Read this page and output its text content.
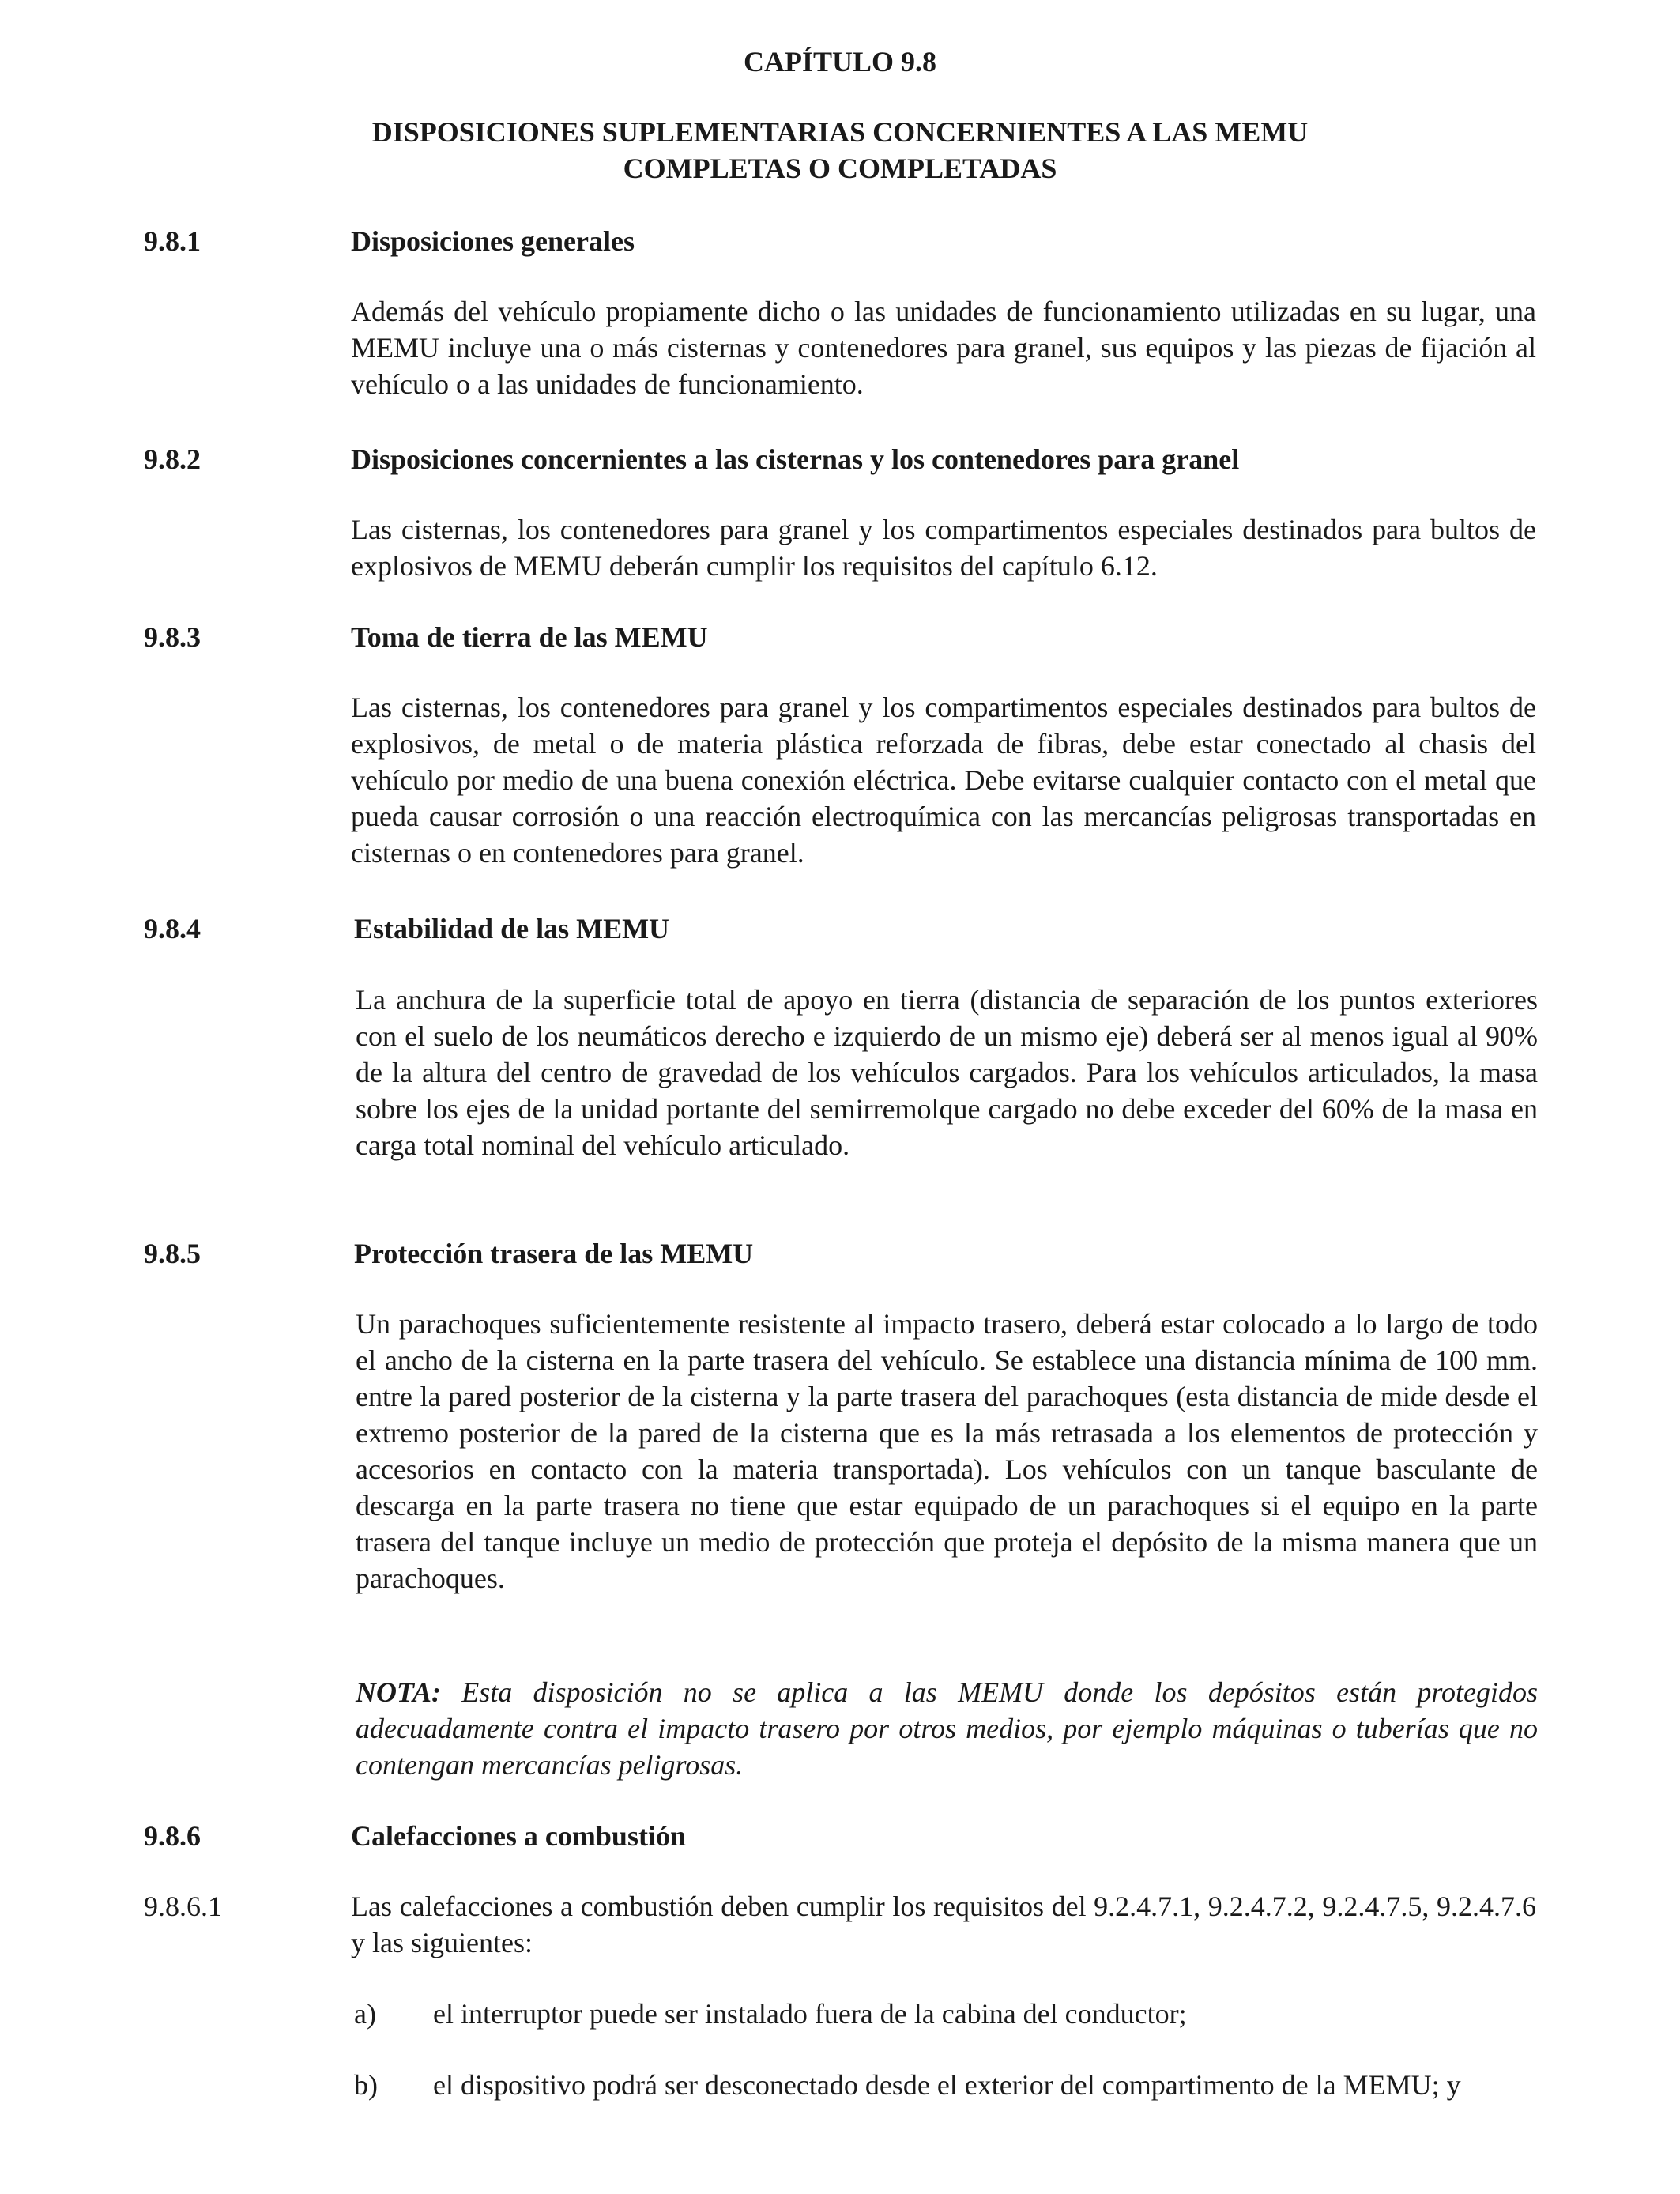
CAPÍTULO 9.8
DISPOSICIONES SUPLEMENTARIAS CONCERNIENTES A LAS MEMU
COMPLETAS O COMPLETADAS
9.8.1	Disposiciones generales
Además del vehículo propiamente dicho o las unidades de funcionamiento utilizadas en su lugar, una MEMU incluye una o más cisternas y contenedores para granel, sus equipos y las piezas de fijación al vehículo o a las unidades de funcionamiento.
9.8.2	Disposiciones concernientes a las cisternas y los contenedores para granel
Las cisternas, los contenedores para granel y los compartimentos especiales destinados para bultos de explosivos de MEMU deberán cumplir los requisitos del capítulo 6.12.
9.8.3	Toma de tierra de las MEMU
Las cisternas, los contenedores para granel y los compartimentos especiales destinados para bultos de explosivos, de metal o de materia plástica reforzada de fibras, debe estar conectado al chasis del vehículo por medio de una buena conexión eléctrica. Debe evitarse cualquier contacto con el metal que pueda causar corrosión o una reacción electroquímica con las mercancías peligrosas transportadas en cisternas o en contenedores para granel.
9.8.4	Estabilidad de las MEMU
La anchura de la superficie total de apoyo en tierra (distancia de separación de los puntos exteriores con el suelo de los neumáticos derecho e izquierdo de un mismo eje) deberá ser al menos igual al 90% de la altura del centro de gravedad de los vehículos cargados. Para los vehículos articulados, la masa sobre los ejes de la unidad portante del semirremolque cargado no debe exceder del 60% de la masa en carga total nominal del vehículo articulado.
9.8.5	Protección trasera de las MEMU
Un parachoques suficientemente resistente al impacto trasero, deberá estar colocado a lo largo de todo el ancho de la cisterna en la parte trasera del vehículo. Se establece una distancia mínima de 100 mm. entre la pared posterior de la cisterna y la parte trasera del parachoques (esta distancia de mide desde el extremo posterior de la pared de la cisterna que es la más retrasada a los elementos de protección y accesorios en contacto con la materia transportada). Los vehículos con un tanque basculante de descarga en la parte trasera no tiene que estar equipado de un parachoques si el equipo en la parte trasera del tanque incluye un medio de protección que proteja el depósito de la misma manera que un parachoques.
NOTA: Esta disposición no se aplica a las MEMU donde los depósitos están protegidos adecuadamente contra el impacto trasero por otros medios, por ejemplo máquinas o tuberías que no contengan mercancías peligrosas.
9.8.6	Calefacciones a combustión
9.8.6.1	Las calefacciones a combustión deben cumplir los requisitos del 9.2.4.7.1, 9.2.4.7.2, 9.2.4.7.5, 9.2.4.7.6 y las siguientes:
a) el interruptor puede ser instalado fuera de la cabina del conductor;
b) el dispositivo podrá ser desconectado desde el exterior del compartimento de la MEMU; y
